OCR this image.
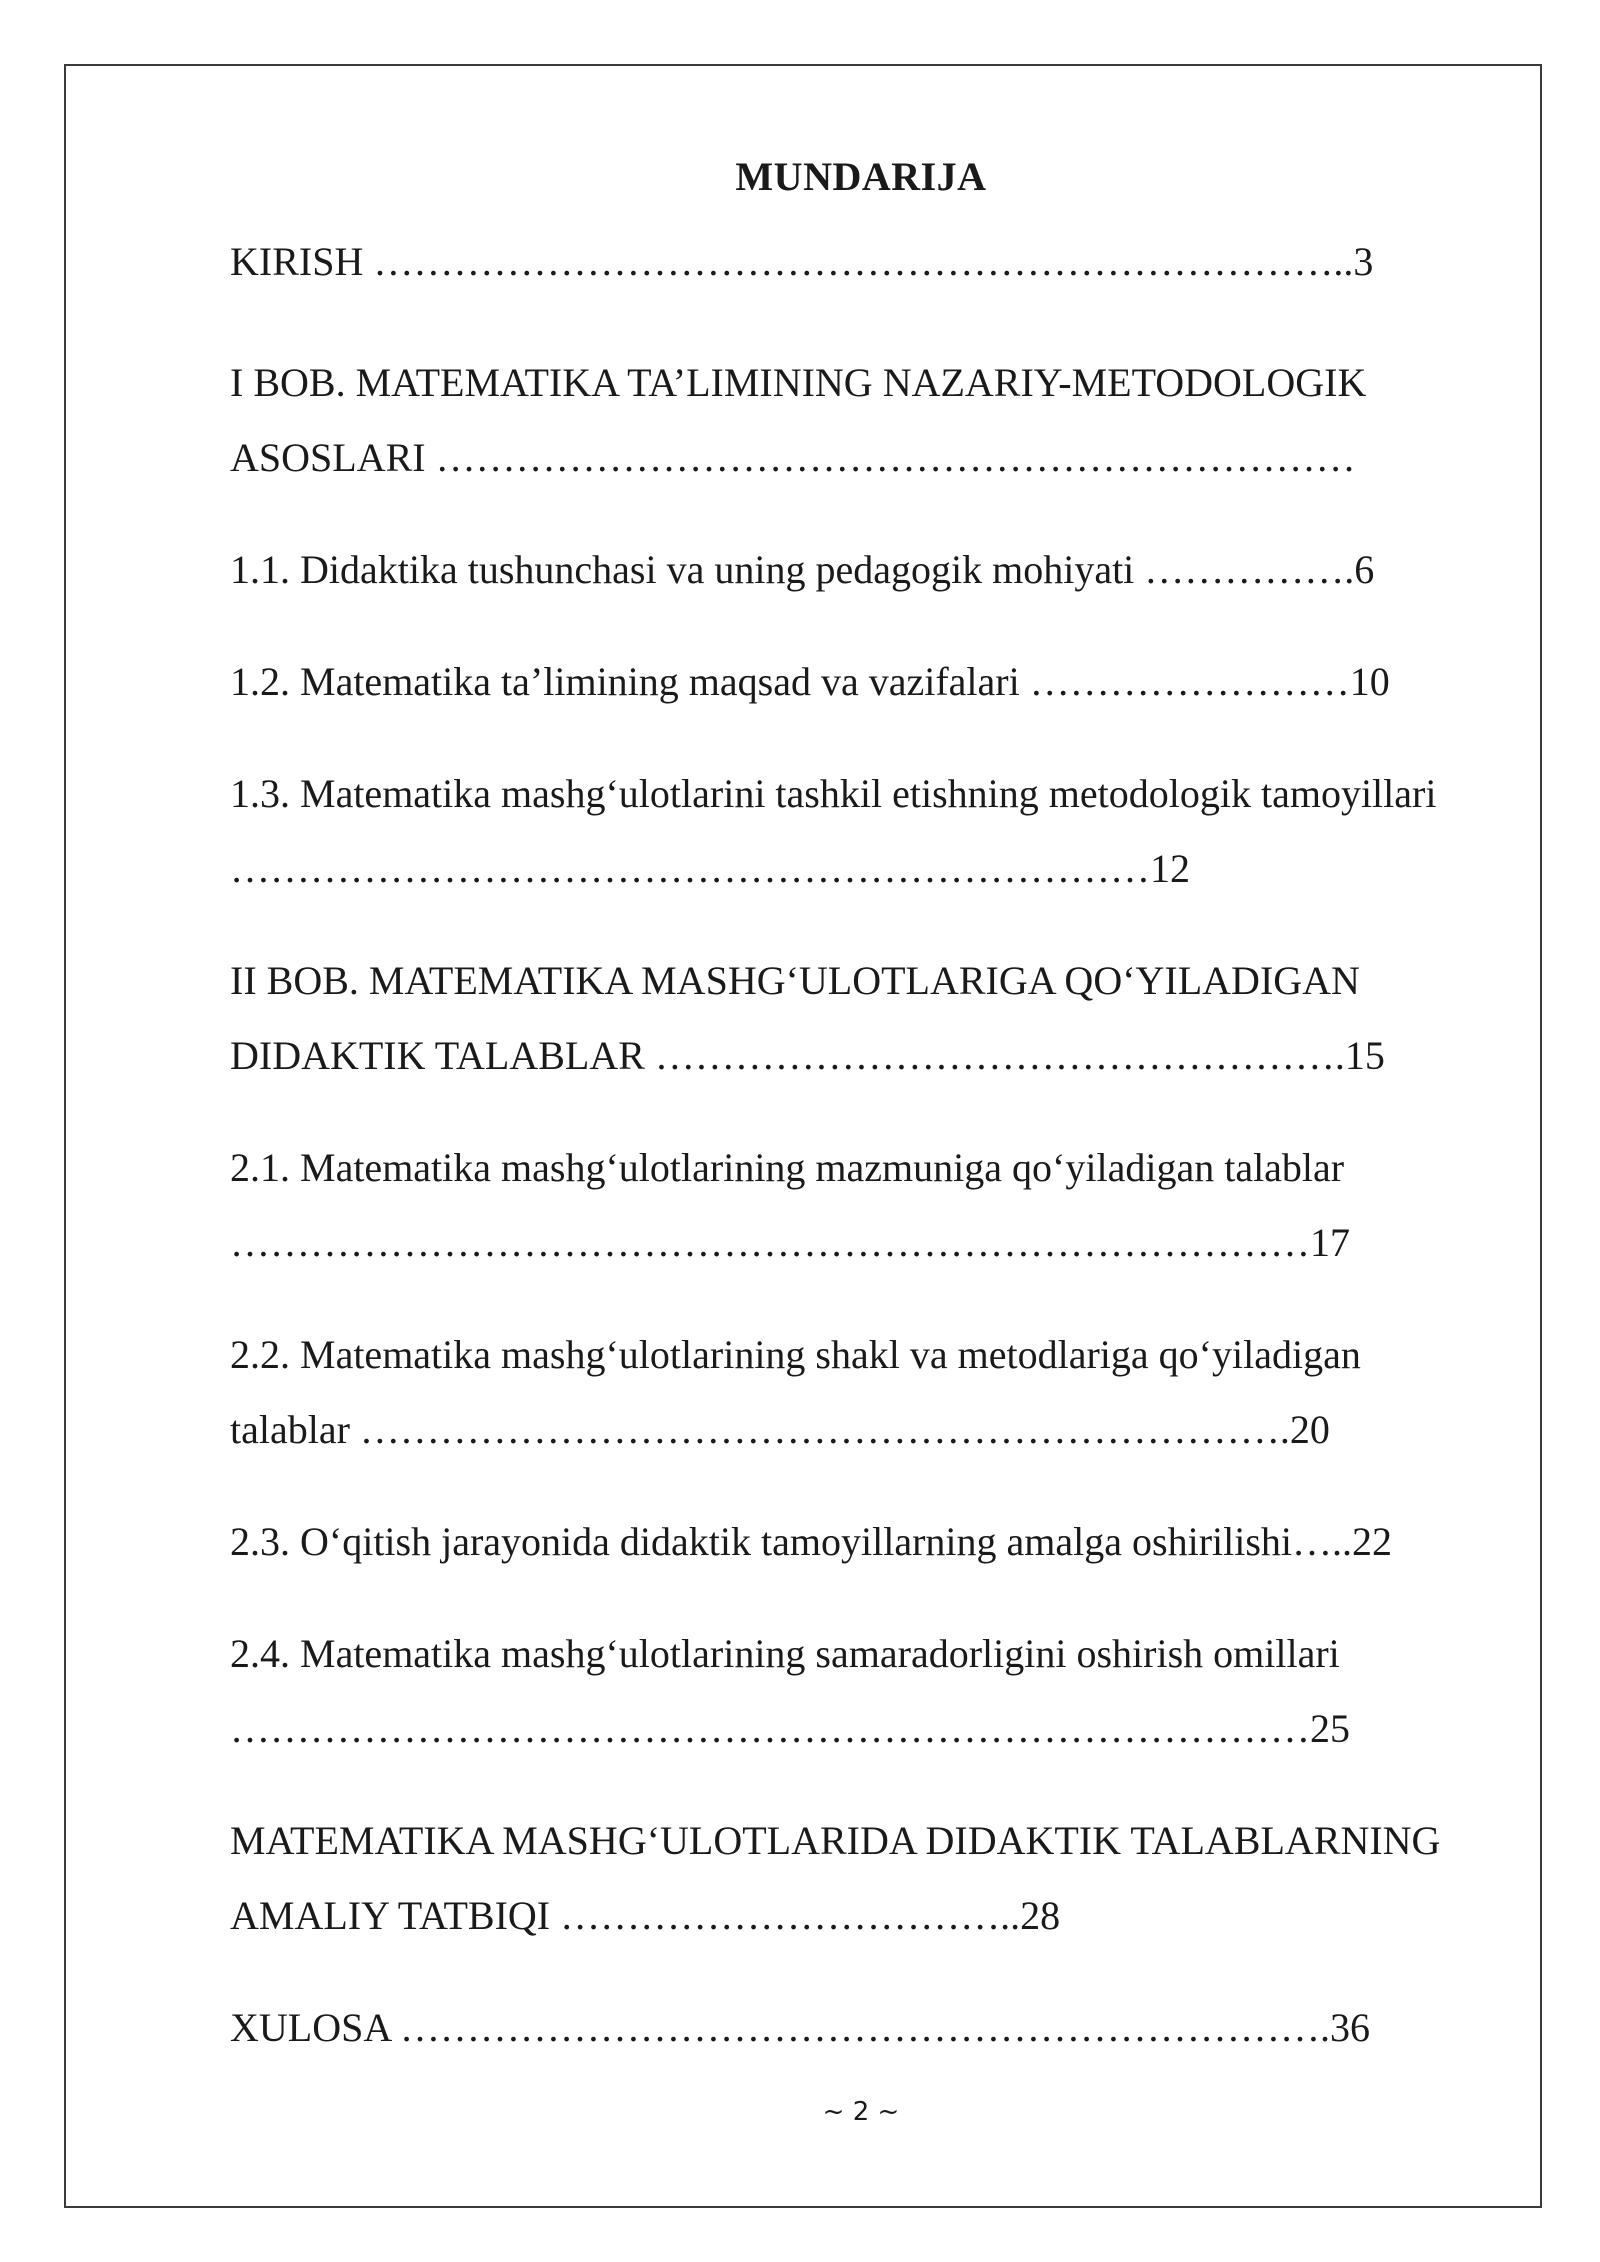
MUNDARIJA
KIRISH ………………………………………………………………..3
I BOB. MATEMATIKA TA’LIMINING NAZARIY-METODOLOGIK ASOSLARI ……………………………………………………………
1.1. Didaktika tushunchasi va uning pedagogik mohiyati …………….6
1.2. Matematika ta’limining maqsad va vazifalari ……………………10
1.3. Matematika mashg‘ulotlarini tashkil etishning metodologik tamoyillari ……………………………………………………………12
II BOB. MATEMATIKA MASHG‘ULOTLARIGA QO‘YILADIGAN DIDAKTIK TALABLAR …………………………………………….15
2.1. Matematika mashg‘ulotlarining mazmuniga qo‘yiladigan talablar ………………………………………………………………………17
2.2. Matematika mashg‘ulotlarining shakl va metodlariga qo‘yiladigan talablar …………………………………………………………….20
2.3. O‘qitish jarayonida didaktik tamoyillarning amalga oshirilishi…..22
2.4. Matematika mashg‘ulotlarining samaradorligini oshirish omillari ………………………………………………………………………25
MATEMATIKA MASHG‘ULOTLARIDA DIDAKTIK TALABLARNING AMALIY TATBIQI ……………………………..28
XULOSA …………………………………………………………….36

~ 2 ~
